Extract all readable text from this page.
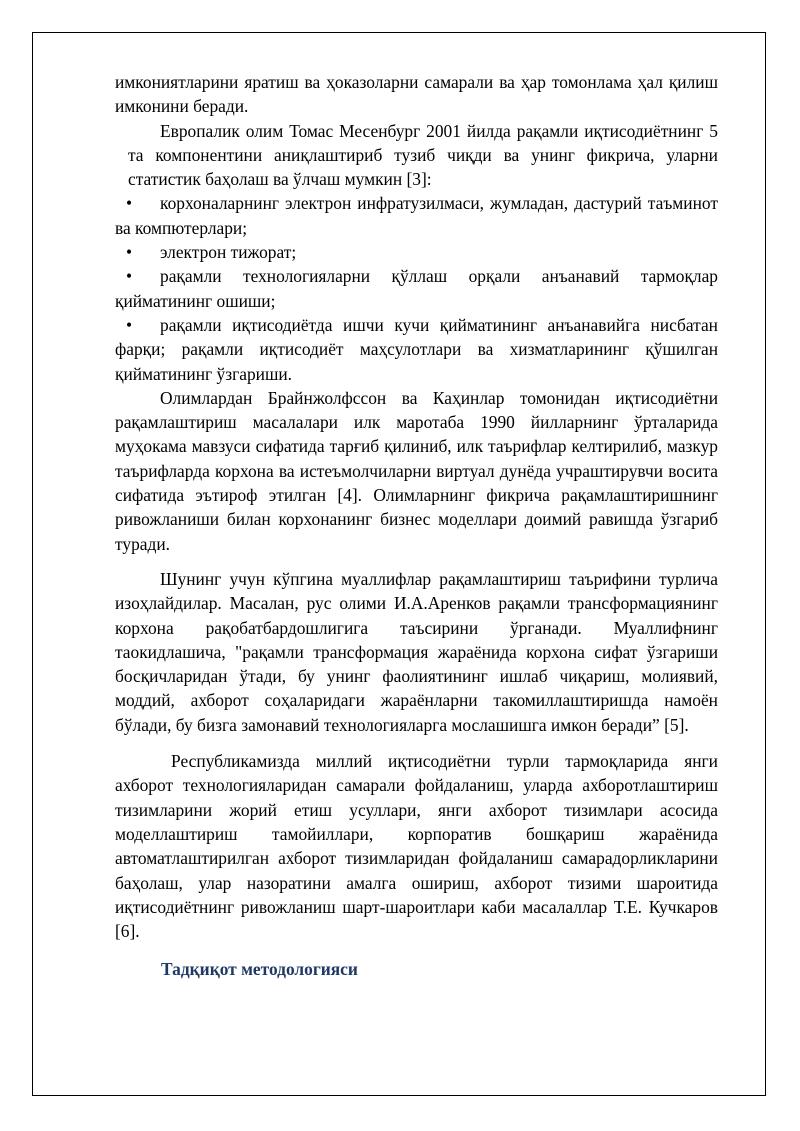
имкониятларини яратиш ва ҳоказоларни самарали ва ҳар томонлама ҳал қилиш имконини беради.

Европалик олим Томас Месенбург 2001 йилда рақамли иқтисодиётнинг 5 та компонентини аниқлаштириб тузиб чиқди ва унинг фикрича, уларни статистик баҳолаш ва ўлчаш мумкин [3]:

• корхоналарнинг электрон инфратузилмаси, жумладан, дастурий таъминот ва компютерлари;

• электрон тижорат;

• рақамли технологияларни қўллаш орқали анъанавий тармоқлар қийматининг ошиши;

• рақамли иқтисодиётда ишчи кучи қийматининг анъанавийга нисбатан фарқи; рақамли иқтисодиёт маҳсулотлари ва хизматларининг қўшилган қийматининг ўзгариши.

Олимлардан Брайнжолфссон ва Каҳинлар томонидан иқтисодиётни рақамлаштириш масалалари илк маротаба 1990 йилларнинг ўрталарида муҳокама мавзуси сифатида тарғиб қилиниб, илк таърифлар келтирилиб, мазкур таърифларда корхона ва истеъмолчиларни виртуал дунёда учраштирувчи восита сифатида эътироф этилган [4]. Олимларнинг фикрича рақамлаштиришнинг ривожланиши билан корхонанинг бизнес моделлари доимий равишда ўзгариб туради.

Шунинг учун кўпгина муаллифлар рақамлаштириш таърифини турлича изоҳлайдилар. Масалан, рус олими И.А.Аренков рақамли трансформациянинг корхона рақобатбардошлигига таъсирини ўрганади. Муаллифнинг таокидлашича, "рақамли трансформация жараёнида корхона сифат ўзгариши босқичларидан ўтади, бу унинг фаолиятининг ишлаб чиқариш, молиявий, моддий, ахборот соҳаларидаги жараёнларни такомиллаштиришда намоён бўлади, бу бизга замонавий технологияларга мослашишга имкон беради” [5].

Республикамизда миллий иқтисодиётни турли тармоқларида янги ахборот технологияларидан самарали фойдаланиш, уларда ахборотлаштириш тизимларини жорий етиш усуллари, янги ахборот тизимлари асосида моделлаштириш тамойиллари, корпоратив бошқариш жараёнида автоматлаштирилган ахборот тизимларидан фойдаланиш самарадорликларини баҳолаш, улар назоратини амалга ошириш, ахборот тизими шароитида иқтисодиётнинг ривожланиш шарт-шароитлари каби масалаллар Т.Е. Кучкаров [6].

Тадқиқот методологияси
